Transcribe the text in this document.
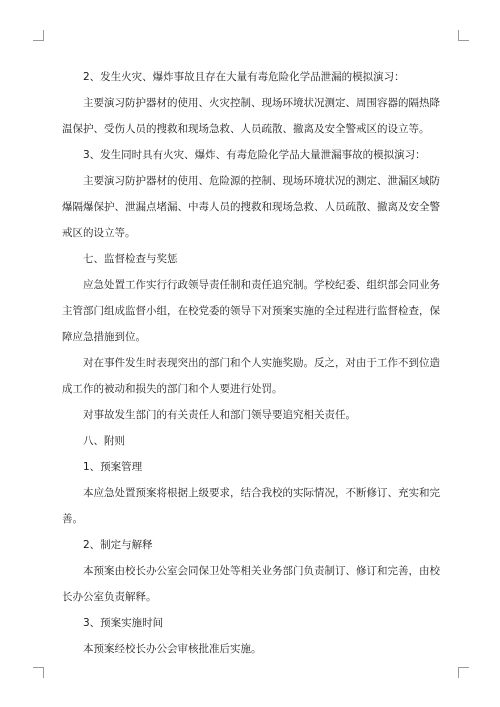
2、发生火灾、爆炸事故且存在大量有毒危险化学品泄漏的模拟演习：

主要演习防护器材的使用、火灾控制、现场环境状况测定、周围容器的隔热降温保护、受伤人员的搜救和现场急救、人员疏散、撤离及安全警戒区的设立等。

3、发生同时具有火灾、爆炸、有毒危险化学品大量泄漏事故的模拟演习：

主要演习防护器材的使用、危险源的控制、现场环境状况的测定、泄漏区域防爆隔爆保护、泄漏点堵漏、中毒人员的搜救和现场急救、人员疏散、撤离及安全警戒区的设立等。

七、监督检查与奖惩

应急处置工作实行行政领导责任制和责任追究制。学校纪委、组织部会同业务主管部门组成监督小组，在校党委的领导下对预案实施的全过程进行监督检查，保障应急措施到位。

对在事件发生时表现突出的部门和个人实施奖励。反之，对由于工作不到位造成工作的被动和损失的部门和个人要进行处罚。

对事故发生部门的有关责任人和部门领导要追究相关责任。

八、附则

1、预案管理

本应急处置预案将根据上级要求，结合我校的实际情况，不断修订、充实和完善。

2、制定与解释

本预案由校长办公室会同保卫处等相关业务部门负责制订、修订和完善，由校长办公室负责解释。

3、预案实施时间

本预案经校长办公会审核批准后实施。
